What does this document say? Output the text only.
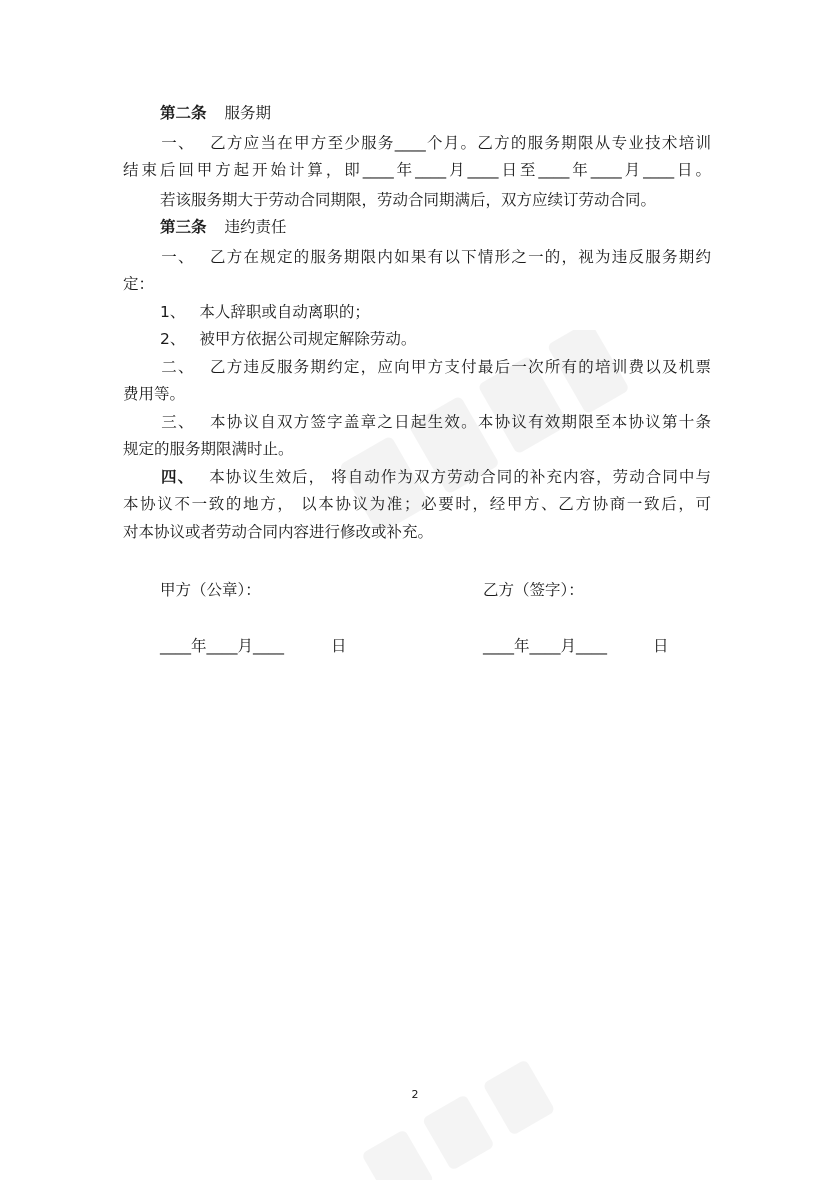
第二条 服务期
一、 乙方应当在甲方至少服务____个月。乙方的服务期限从专业技术培训
结束后回甲方起开始计算，即____年____月____日至____年____月____日。
若该服务期大于劳动合同期限，劳动合同期满后，双方应续订劳动合同。
第三条 违约责任
一、 乙方在规定的服务期限内如果有以下情形之一的，视为违反服务期约
定：
1、 本人辞职或自动离职的；
2、 被甲方依据公司规定解除劳动。
二、 乙方违反服务期约定，应向甲方支付最后一次所有的培训费以及机票
费用等。
三、 本协议自双方签字盖章之日起生效。本协议有效期限至本协议第十条
规定的服务期限满时止。
四、 本协议生效后， 将自动作为双方劳动合同的补充内容，劳动合同中与
本协议不一致的地方， 以本协议为准；必要时，经甲方、乙方协商一致后，可
对本协议或者劳动合同内容进行修改或补充。
甲方（公章）：	乙方（签字）：
____年____月____	日	____年____月____	日
2
